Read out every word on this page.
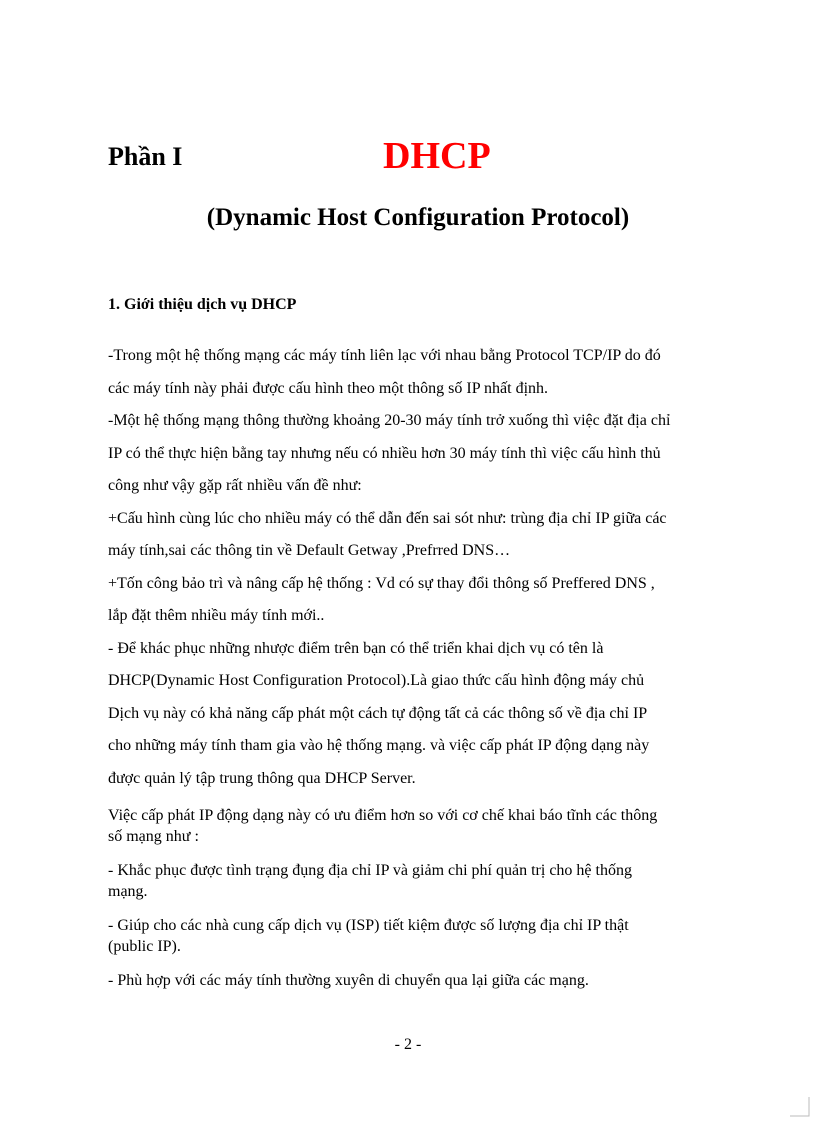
Phần I	DHCP
(Dynamic Host Configuration Protocol)
1. Giới thiệu dịch vụ DHCP
-Trong một hệ thống mạng các máy tính liên lạc với nhau bằng Protocol TCP/IP do đó
các máy tính này phải được cấu hình theo một thông số IP nhất định.
-Một hệ thống mạng thông thường khoảng 20-30 máy tính trở xuống thì việc đặt địa chỉ
IP có thể thực hiện bằng tay nhưng nếu có nhiều hơn 30 máy tính thì việc cấu hình thủ
công như vậy gặp rất nhiều vấn đề như:
+Cấu hình cùng lúc cho nhiều máy có thể dẫn đến sai sót như: trùng địa chỉ IP giữa các
máy tính,sai các thông tin về Default Getway ,Prefrred DNS…
+Tốn công bảo trì và nâng cấp hệ thống : Vd có sự thay đổi thông số Preffered DNS ,
lắp đặt thêm nhiều máy tính mới..
- Để khác phục những nhược điểm trên bạn có thể triển khai dịch vụ có tên là
DHCP(Dynamic Host Configuration Protocol).Là giao thức cấu hình động máy chủ
Dịch vụ này có khả năng cấp phát một cách tự động tất cả các thông số về địa chỉ IP
cho những máy tính tham gia vào hệ thống mạng. và việc cấp phát IP động dạng này
được quản lý tập trung thông qua DHCP Server.

Việc cấp phát IP động dạng này có ưu điểm hơn so với cơ chế khai báo tĩnh các thông
số mạng như :

- Khắc phục được tình trạng đụng địa chỉ IP và giảm chi phí quản trị cho hệ thống
mạng.

- Giúp cho các nhà cung cấp dịch vụ (ISP) tiết kiệm được số lượng địa chỉ IP thật
(public IP).

- Phù hợp với các máy tính thường xuyên di chuyển qua lại giữa các mạng.

- 2 -
